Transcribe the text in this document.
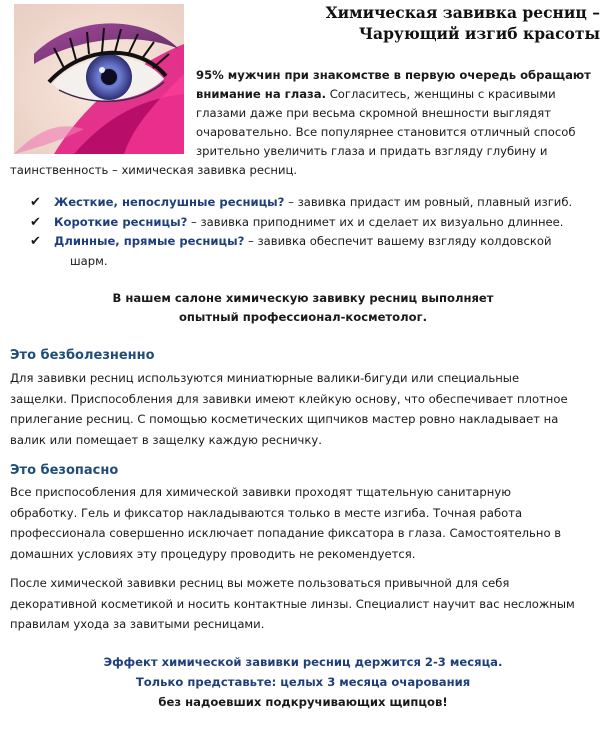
Химическая завивка ресниц –
Чарующий изгиб красоты
95% мужчин при знакомстве в первую очередь обращают
внимание на глаза. Согласитесь, женщины с красивыми
глазами даже при весьма скромной внешности выглядят
очаровательно. Все популярнее становится отличный способ
зрительно увеличить глаза и придать взгляду глубину и
таинственность – химическая завивка ресниц.
✔ Жесткие, непослушные ресницы? – завивка придаст им ровный, плавный изгиб.
✔ Короткие ресницы? – завивка приподнимет их и сделает их визуально длиннее.
✔ Длинные, прямые ресницы? – завивка обеспечит вашему взгляду колдовской
шарм.
В нашем салоне химическую завивку ресниц выполняет
опытный профессионал-косметолог.
Это безболезненно
Для завивки ресниц используются миниатюрные валики-бигуди или специальные
защелки. Приспособления для завивки имеют клейкую основу, что обеспечивает плотное
прилегание ресниц. С помощью косметических щипчиков мастер ровно накладывает на
валик или помещает в защелку каждую ресничку.
Это безопасно
Все приспособления для химической завивки проходят тщательную санитарную
обработку. Гель и фиксатор накладываются только в месте изгиба. Точная работа
профессионала совершенно исключает попадание фиксатора в глаза. Самостоятельно в
домашних условиях эту процедуру проводить не рекомендуется.
После химической завивки ресниц вы можете пользоваться привычной для себя
декоративной косметикой и носить контактные линзы. Специалист научит вас несложным
правилам ухода за завитыми ресницами.
Эффект химической завивки ресниц держится 2-3 месяца.
Только представьте: целых 3 месяца очарования
без надоевших подкручивающих щипцов!
